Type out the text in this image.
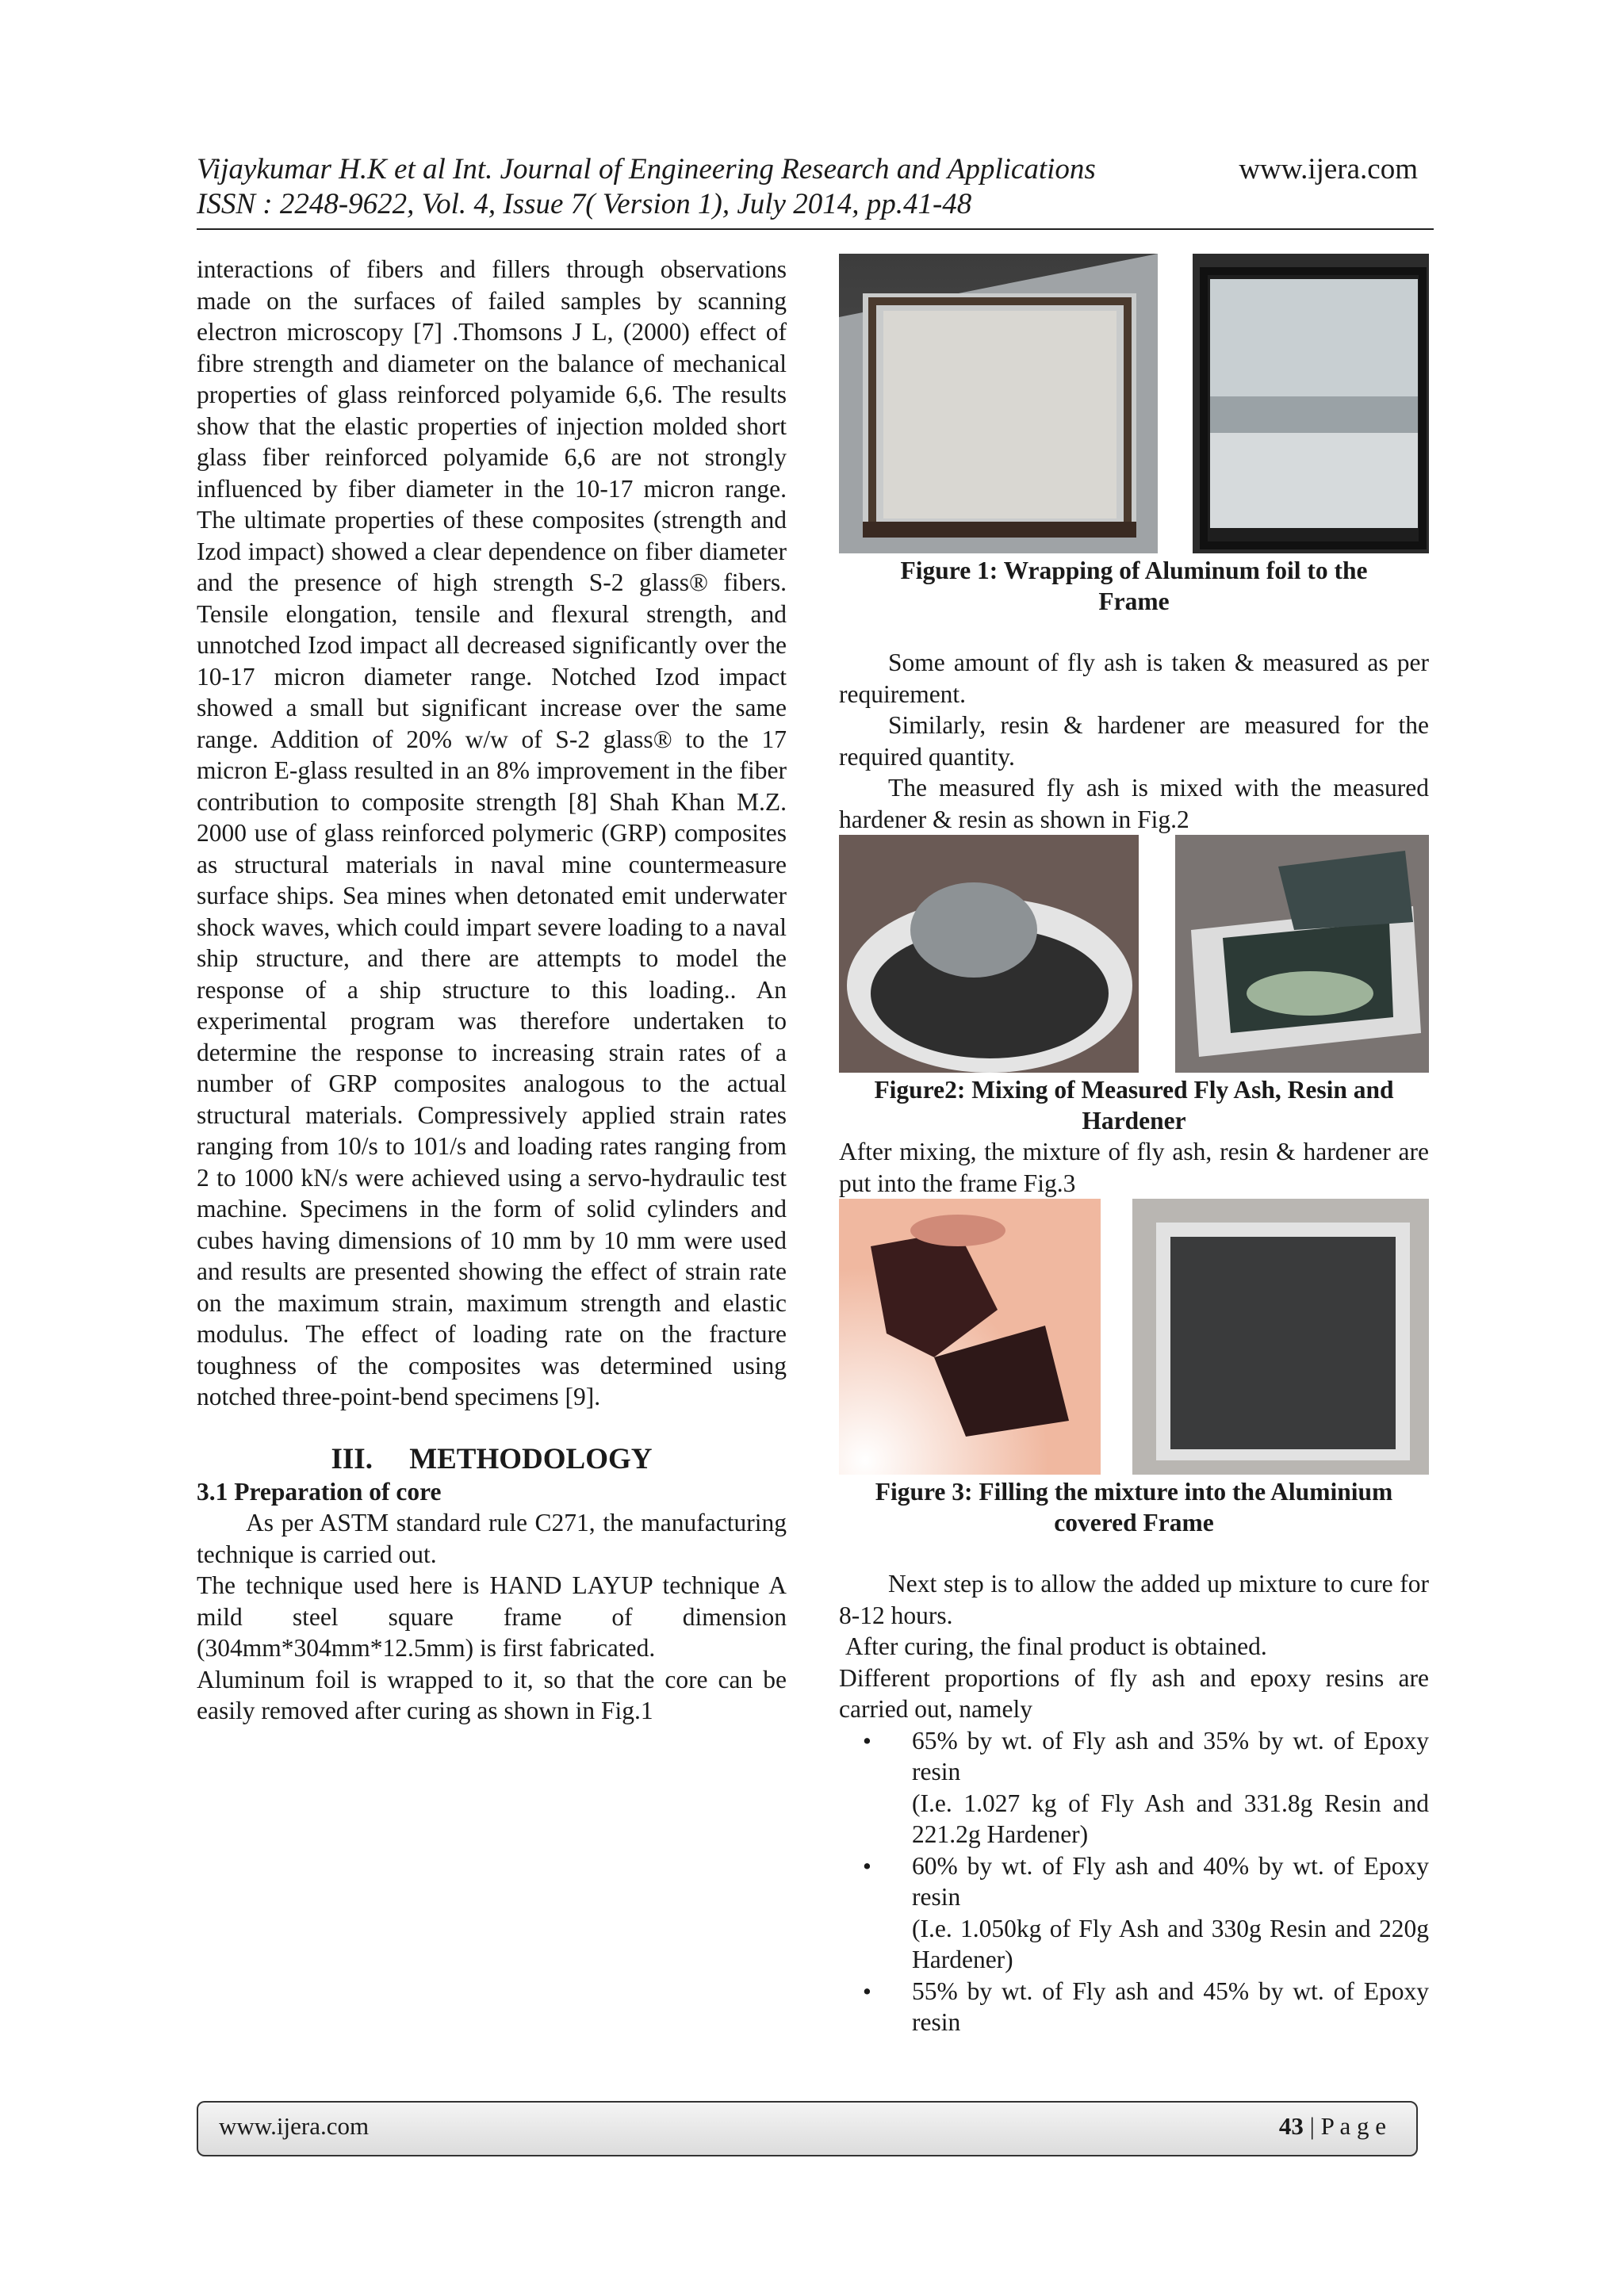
Vijaykumar H.K et al Int. Journal of Engineering Research and Applications	www.ijera.com
ISSN : 2248-9622, Vol. 4, Issue 7( Version 1), July 2014, pp.41-48

interactions of fibers and fillers through observations made on the surfaces of failed samples by scanning electron microscopy [7] .Thomsons J L, (2000) effect of fibre strength and diameter on the balance of mechanical properties of glass reinforced polyamide 6,6. The results show that the elastic properties of injection molded short glass fiber reinforced polyamide 6,6 are not strongly influenced by fiber diameter in the 10-17 micron range. The ultimate properties of these composites (strength and Izod impact) showed a clear dependence on fiber diameter and the presence of high strength S-2 glass® fibers. Tensile elongation, tensile and flexural strength, and unnotched Izod impact all decreased significantly over the 10-17 micron diameter range. Notched Izod impact showed a small but significant increase over the same range. Addition of 20% w/w of S-2 glass® to the 17 micron E-glass resulted in an 8% improvement in the fiber contribution to composite strength [8] Shah Khan M.Z. 2000 use of glass reinforced polymeric (GRP) composites as structural materials in naval mine countermeasure surface ships. Sea mines when detonated emit underwater shock waves, which could impart severe loading to a naval ship structure, and there are attempts to model the response of a ship structure to this loading.. An experimental program was therefore undertaken to determine the response to increasing strain rates of a number of GRP composites analogous to the actual structural materials. Compressively applied strain rates ranging from 10/s to 101/s and loading rates ranging from 2 to 1000 kN/s were achieved using a servo-hydraulic test machine. Specimens in the form of solid cylinders and cubes having dimensions of 10 mm by 10 mm were used and results are presented showing the effect of strain rate on the maximum strain, maximum strength and elastic modulus. The effect of loading rate on the fracture toughness of the composites was determined using notched three-point-bend specimens [9].

III.     METHODOLOGY

3.1 Preparation of core

As per ASTM standard rule C271, the manufacturing technique is carried out.

The technique used here is HAND LAYUP technique A mild steel square frame of dimension (304mm*304mm*12.5mm) is first fabricated.

Aluminum foil is wrapped to it, so that the core can be easily removed after curing as shown in Fig.1

Figure 1: Wrapping of Aluminum foil to the Frame

Some amount of fly ash is taken & measured as per requirement.

Similarly, resin & hardener are measured for the required quantity.

The measured fly ash is mixed with the measured hardener & resin as shown in Fig.2

Figure2: Mixing of Measured Fly Ash, Resin and Hardener

After mixing, the mixture of fly ash, resin & hardener are put into the frame Fig.3

Figure 3: Filling the mixture into the Aluminium covered Frame

Next step is to allow the added up mixture to cure for 8-12 hours.

After curing, the final product is obtained.

Different proportions of fly ash and epoxy resins are carried out, namely

• 65% by wt. of Fly ash and 35% by wt. of Epoxy resin
(I.e. 1.027 kg of Fly Ash and 331.8g Resin and 221.2g Hardener)
• 60% by wt. of Fly ash and 40% by wt. of Epoxy resin
(I.e. 1.050kg of Fly Ash and 330g Resin and 220g Hardener)
• 55% by wt. of Fly ash and 45% by wt. of Epoxy resin
www.ijera.com	43 | P a g e
